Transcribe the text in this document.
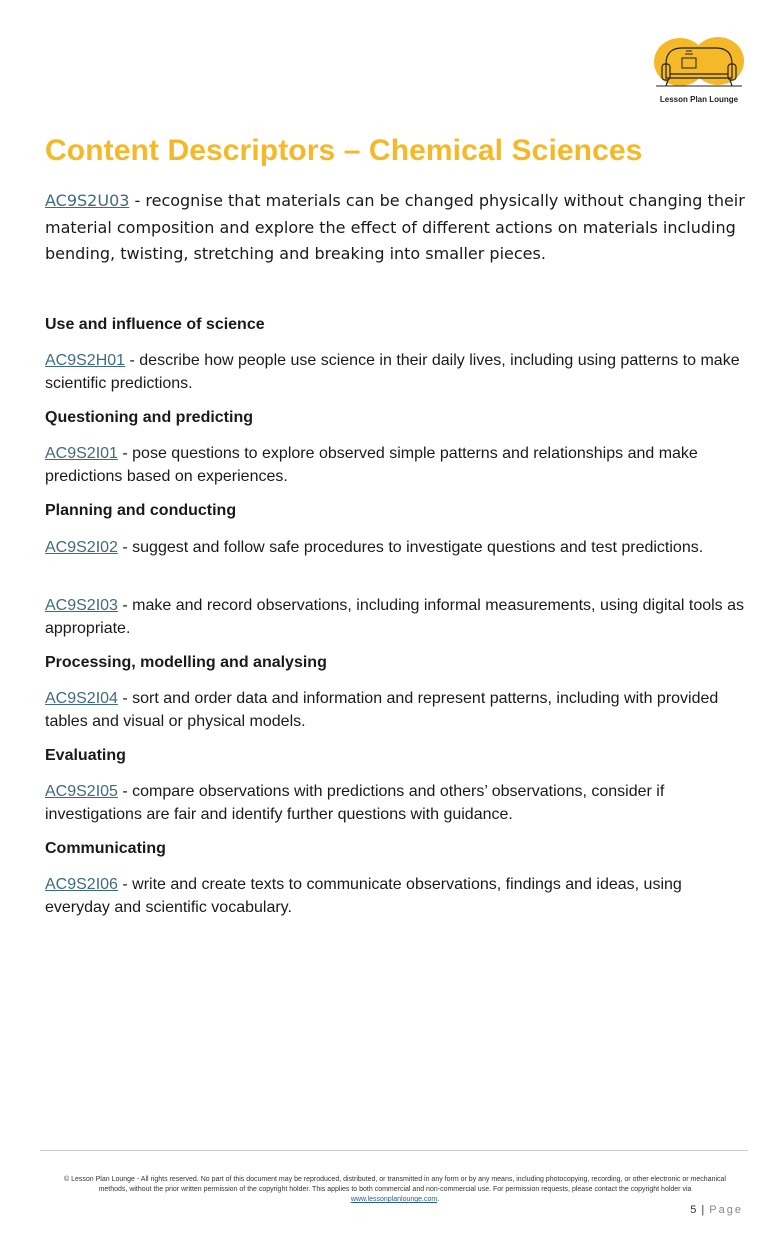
Lesson Plan Lounge
Content Descriptors – Chemical Sciences

AC9S2U03 - recognise that materials can be changed physically without changing their material composition and explore the effect of different actions on materials including bending, twisting, stretching and breaking into smaller pieces.

Use and influence of science

AC9S2H01 - describe how people use science in their daily lives, including using patterns to make scientific predictions.

Questioning and predicting

AC9S2I01 - pose questions to explore observed simple patterns and relationships and make predictions based on experiences.

Planning and conducting

AC9S2I02 - suggest and follow safe procedures to investigate questions and test predictions.

AC9S2I03 - make and record observations, including informal measurements, using digital tools as appropriate.

Processing, modelling and analysing

AC9S2I04 - sort and order data and information and represent patterns, including with provided tables and visual or physical models.

Evaluating

AC9S2I05 - compare observations with predictions and others’ observations, consider if investigations are fair and identify further questions with guidance.

Communicating

AC9S2I06 - write and create texts to communicate observations, findings and ideas, using everyday and scientific vocabulary.

© Lesson Plan Lounge - All rights reserved. No part of this document may be reproduced, distributed, or transmitted in any form or by any means, including photocopying, recording, or other electronic or mechanical methods, without the prior written permission of the copyright holder. This applies to both commercial and non-commercial use. For permission requests, please contact the copyright holder via
www.lessonplanlounge.com.
5 | Page
